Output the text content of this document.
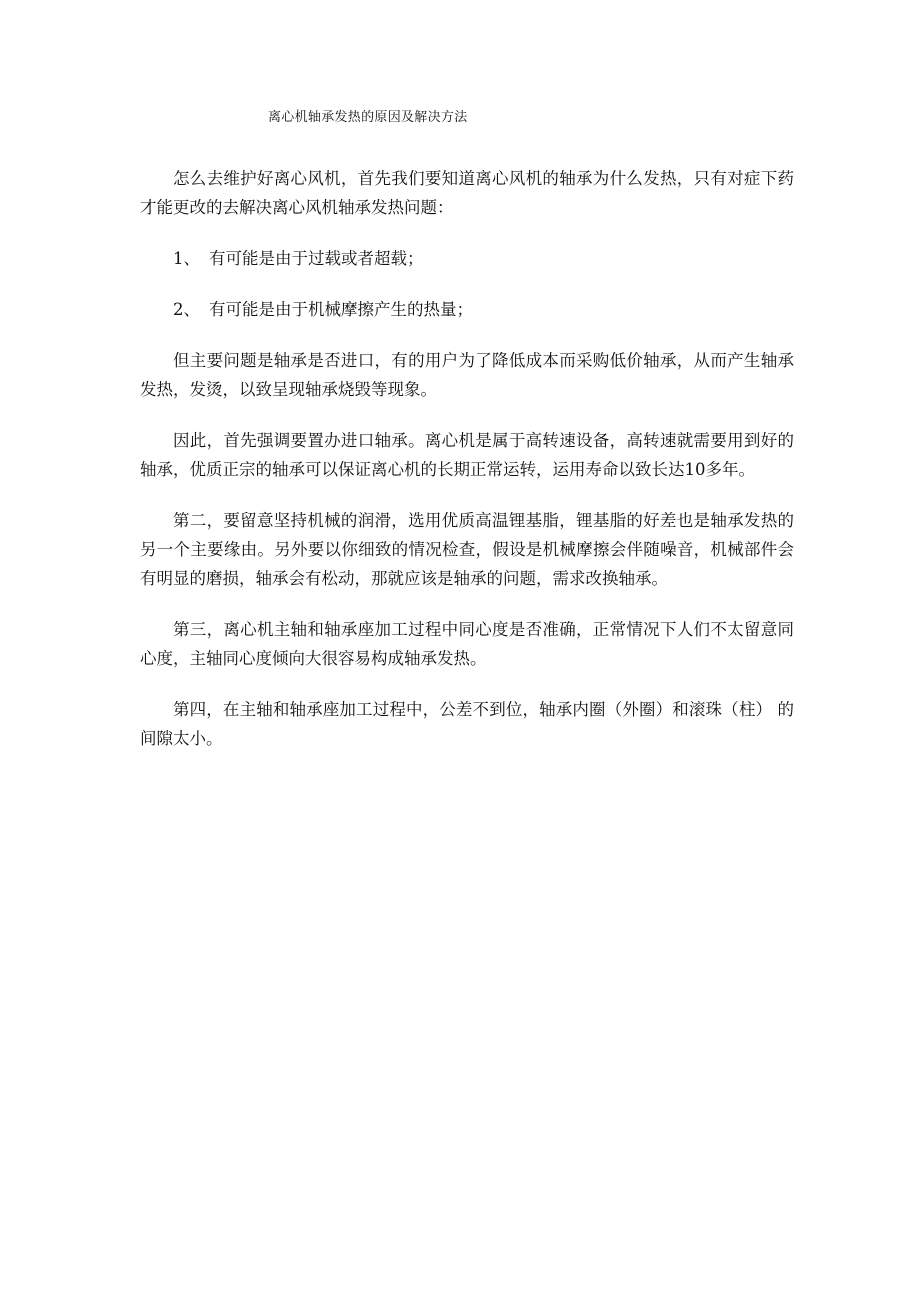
离心机轴承发热的原因及解决方法

怎么去维护好离心风机，首先我们要知道离心风机的轴承为什么发热，只有对症下药才能更改的去解决离心风机轴承发热问题：

1、 有可能是由于过载或者超载；

2、 有可能是由于机械摩擦产生的热量；

但主要问题是轴承是否进口，有的用户为了降低成本而采购低价轴承，从而产生轴承发热，发烫，以致呈现轴承烧毁等现象。

因此，首先强调要置办进口轴承。离心机是属于高转速设备，高转速就需要用到好的轴承，优质正宗的轴承可以保证离心机的长期正常运转，运用寿命以致长达10多年。

第二，要留意坚持机械的润滑，选用优质高温锂基脂，锂基脂的好差也是轴承发热的另一个主要缘由。另外要以你细致的情况检查，假设是机械摩擦会伴随噪音，机械部件会有明显的磨损，轴承会有松动，那就应该是轴承的问题，需求改换轴承。

第三，离心机主轴和轴承座加工过程中同心度是否准确，正常情况下人们不太留意同心度，主轴同心度倾向大很容易构成轴承发热。

第四，在主轴和轴承座加工过程中，公差不到位，轴承内圈（外圈）和滚珠（柱） 的间隙太小。
